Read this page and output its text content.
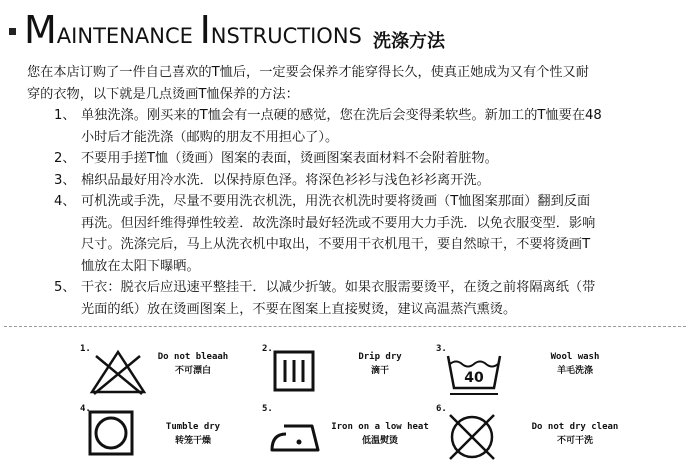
MAINTENANCE INSTRUCTIONS 洗涤方法
您在本店订购了一件自己喜欢的T恤后，一定要会保养才能穿得长久，使真正她成为又有个性又耐
穿的衣物，以下就是几点烫画T恤保养的方法：
1、 单独洗涤。刚买来的T恤会有一点硬的感觉，您在洗后会变得柔软些。新加工的T恤要在48
小时后才能洗涤（邮购的朋友不用担心了）。
2、 不要用手搓T恤（烫画）图案的表面，烫画图案表面材料不会附着脏物。
3、 棉织品最好用冷水洗．以保持原色泽。将深色衫衫与浅色衫衫离开洗。
4、 可机洗或手洗，尽量不要用洗衣机洗，用洗衣机洗时要将烫画（T恤图案那面）翻到反面
再洗。但因纤维得弹性较差．故洗涤时最好轻洗或不要用大力手洗．以免衣服变型．影响
尺寸。洗涤完后，马上从洗衣机中取出，不要用干衣机甩干，要自然晾干，不要将烫画T
恤放在太阳下曝晒。
5、 干衣：脱衣后应迅速平整挂干．以减少折皱。如果衣服需要烫平，在烫之前将隔离纸（带
光面的纸）放在烫画图案上，不要在图案上直接熨烫，建议高温蒸汽熏烫。
1.
Do not bleaah
不可漂白
2.
Drip dry
滴干
3.
40
Wool wash
羊毛洗涤
4.
Tumble dry
转笼干燥
5.
Iron on a low heat
低温熨烫
6.
Do not dry clean
不可干洗
